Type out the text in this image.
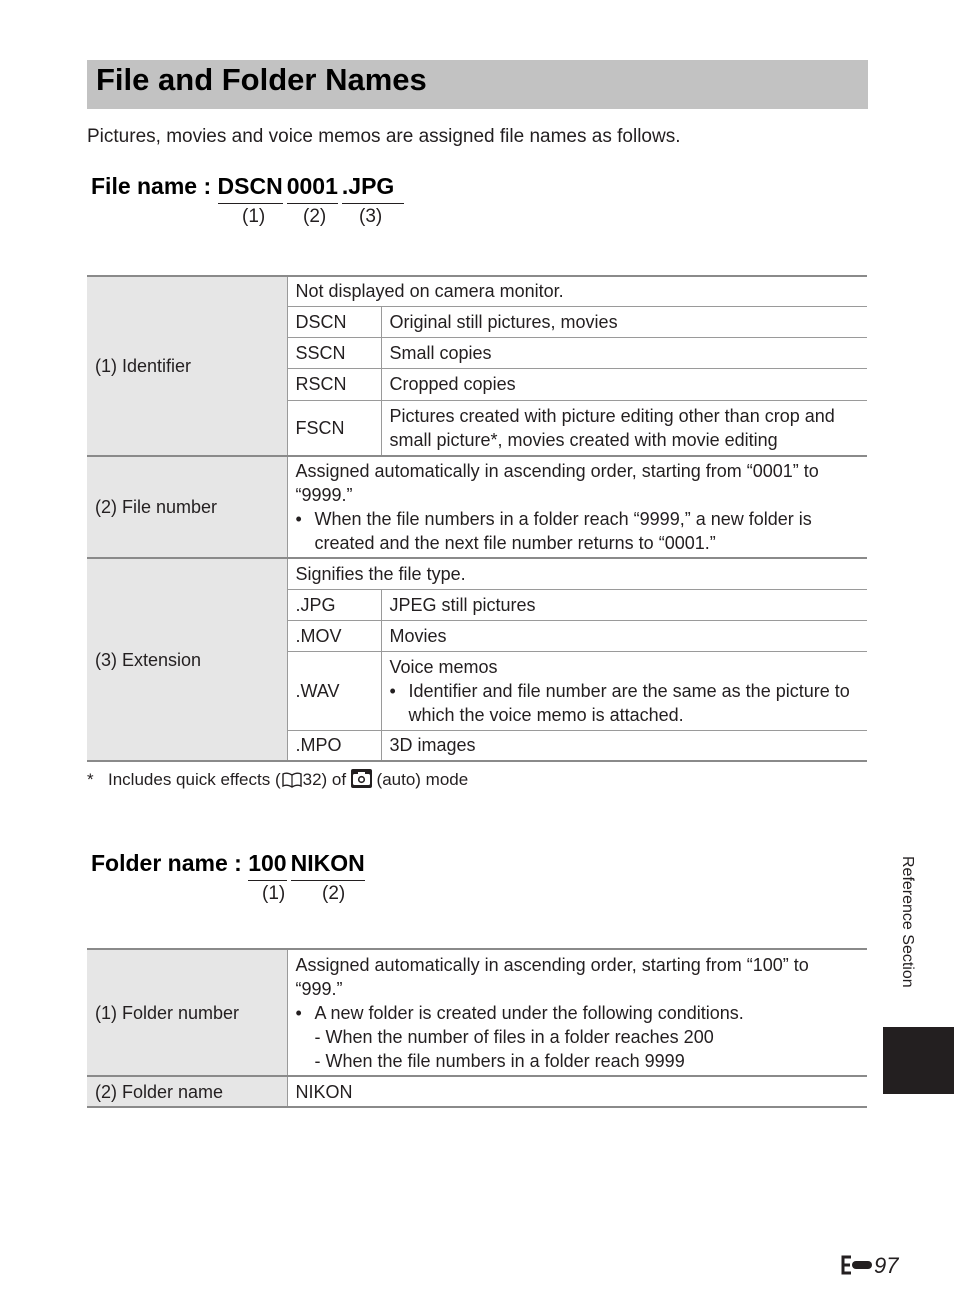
File and Folder Names
Pictures, movies and voice memos are assigned file names as follows.
File name : DSCN 0001 .JPG
(1) (2) (3)
(1) Identifier	Not displayed on camera monitor.	
	DSCN	Original still pictures, movies
	SSCN	Small copies
	RSCN	Cropped copies
	FSCN	Pictures created with picture editing other than crop and small picture*, movies created with movie editing
(2) File number	Assigned automatically in ascending order, starting from “0001” to “9999.”
• When the file numbers in a folder reach “9999,” a new folder is created and the next file number returns to “0001.”	

(3) Extension	Signifies the file type.	
	.JPG	JPEG still pictures
	.MOV	Movies
	.WAV	Voice memos
• Identifier and file number are the same as the picture to which the voice memo is attached.

	.MPO	3D images
* Includes quick effects ( 32) of  (auto) mode
Folder name : 100 NIKON
(1) (2)
(1) Folder number	Assigned automatically in ascending order, starting from “100” to “999.”
• A new folder is created under the following conditions.
- When the number of files in a folder reaches 200
- When the file numbers in a folder reach 9999

(2) Folder name	NIKON
Reference Section
97
